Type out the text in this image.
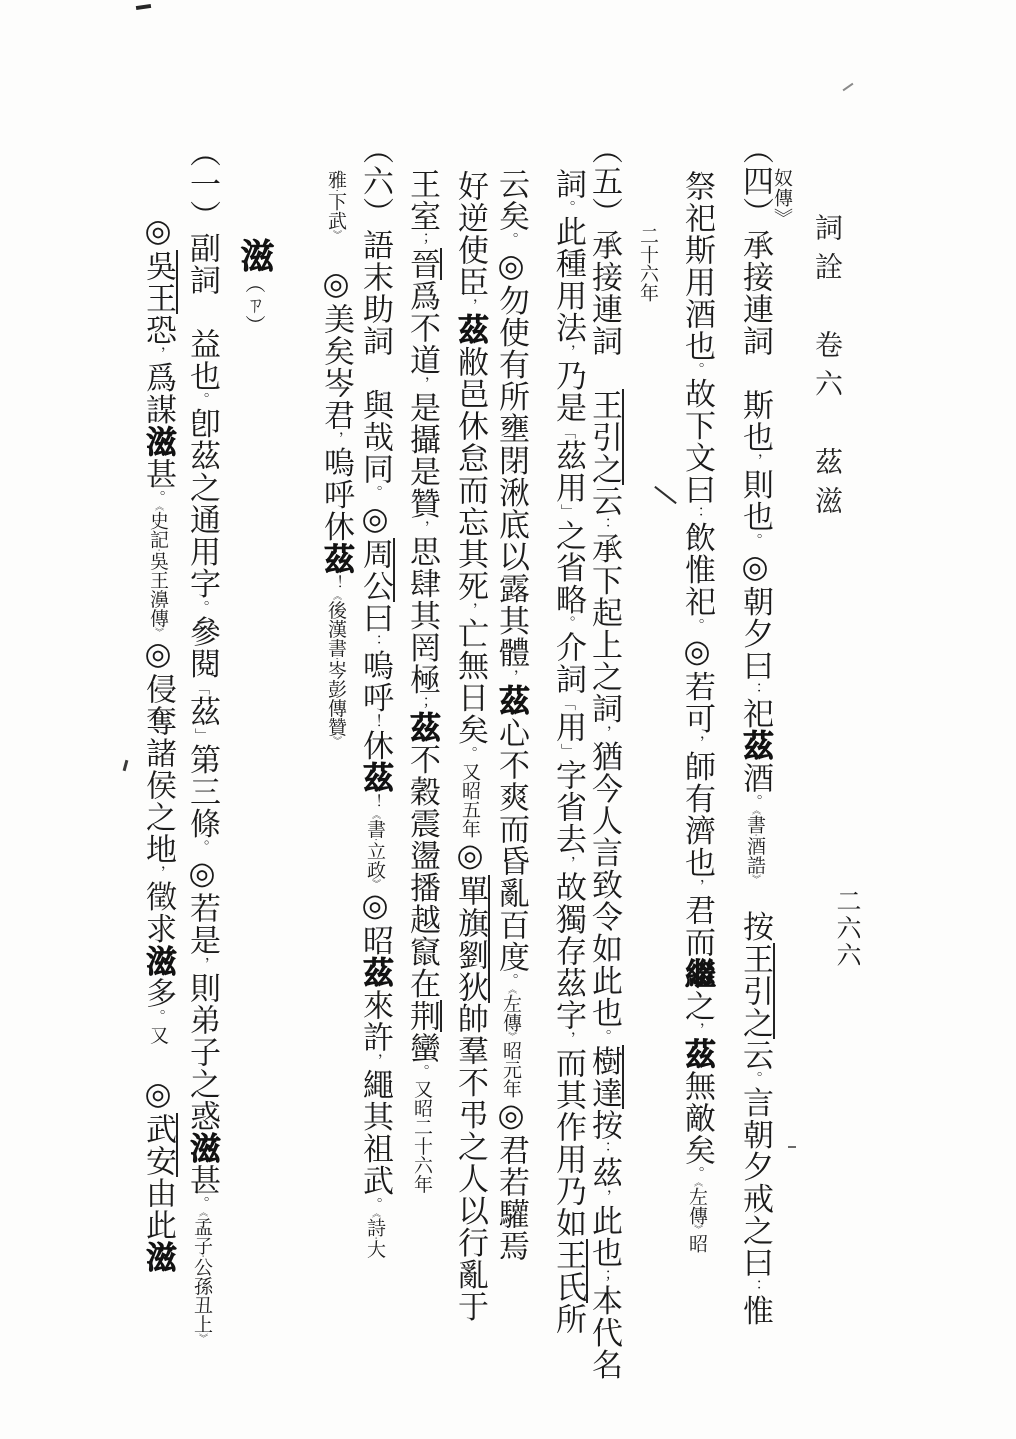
詞詮　卷六　茲滋
奴傳》
二六六
（四）承接連詞　斯也，則也。◎朝夕曰：祀茲酒。《書·酒誥》　按王引之云。言朝夕戒之曰：惟
祭祀斯用酒也。故下文曰：飲惟祀。◎若可，師有濟也，君而繼之，茲無敵矣。《左傳》昭
二十六年
（五）承接連詞　王引之云：承下起上之詞，猶今人言致令如此也。樹達按：茲，此也；本代名
詞。此種用法，乃是「茲用」之省略。介詞「用」字省去，故獨存茲字，而其作用乃如王氏所
云矣。◎勿使有所壅閉湫底以露其體，茲心不爽而昏亂百度。《左傳》昭元年◎君若驩焉
好逆使臣，茲敝邑休怠而忘其死，亡無日矣。又昭五年◎單旗劉狄帥羣不弔之人以行亂于
王室；晉爲不道，是攝是贊，思肆其罔極；茲不穀震盪播越竄在荆蠻。又昭二十六年
（六）語末助詞　與哉同。◎周公曰：嗚呼！休茲！《書·立政》◎昭茲來許，繩其祖武。《詩·大
雅·下武》　◎美矣岑君，嗚呼休茲！《後漢書·岑彭傳贊》
滋（ㄗ）
（一）副詞　益也。卽茲之通用字。參閱「茲」第三條。◎若是，則弟子之惑滋甚。《孟子·公孫丑上》
◎吳王恐，爲謀滋甚。《史記·吳王濞傳》◎侵奪諸侯之地，徵求滋多。又　◎武安由此滋
